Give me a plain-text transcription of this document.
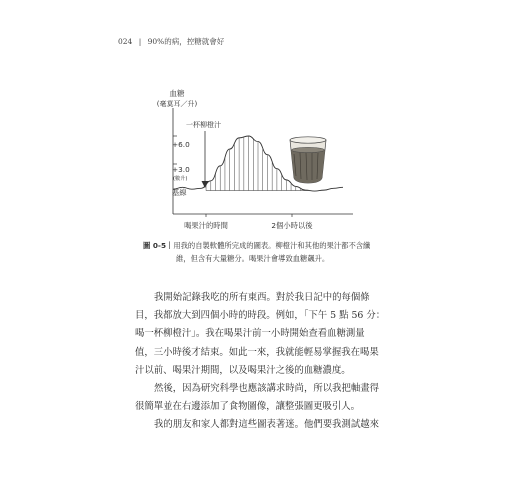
024 | 90%的病，控糖就會好
血糖
(毫莫耳／升)
+6.0
+3.0
(數升)
基線
一杯柳橙汁
喝果汁的時間	2個小時以後
圖 0-5｜用我的自製軟體所完成的圖表。柳橙汁和其他的果汁都不含纖
維，但含有大量糖分。喝果汁會導致血糖飆升。
我開始記錄我吃的所有東西。對於我日記中的每個條
目，我都放大到四個小時的時段。例如，「下午 5 點 56 分：
喝一杯柳橙汁」。我在喝果汁前一小時開始查看血糖測量
值，三小時後才結束。如此一來，我就能輕易掌握我在喝果
汁以前、喝果汁期間，以及喝果汁之後的血糖濃度。
然後，因為研究科學也應該講求時尚，所以我把軸畫得
很簡單並在右邊添加了食物圖像，讓整張圖更吸引人。
我的朋友和家人都對這些圖表著迷。他們要我測試越來
